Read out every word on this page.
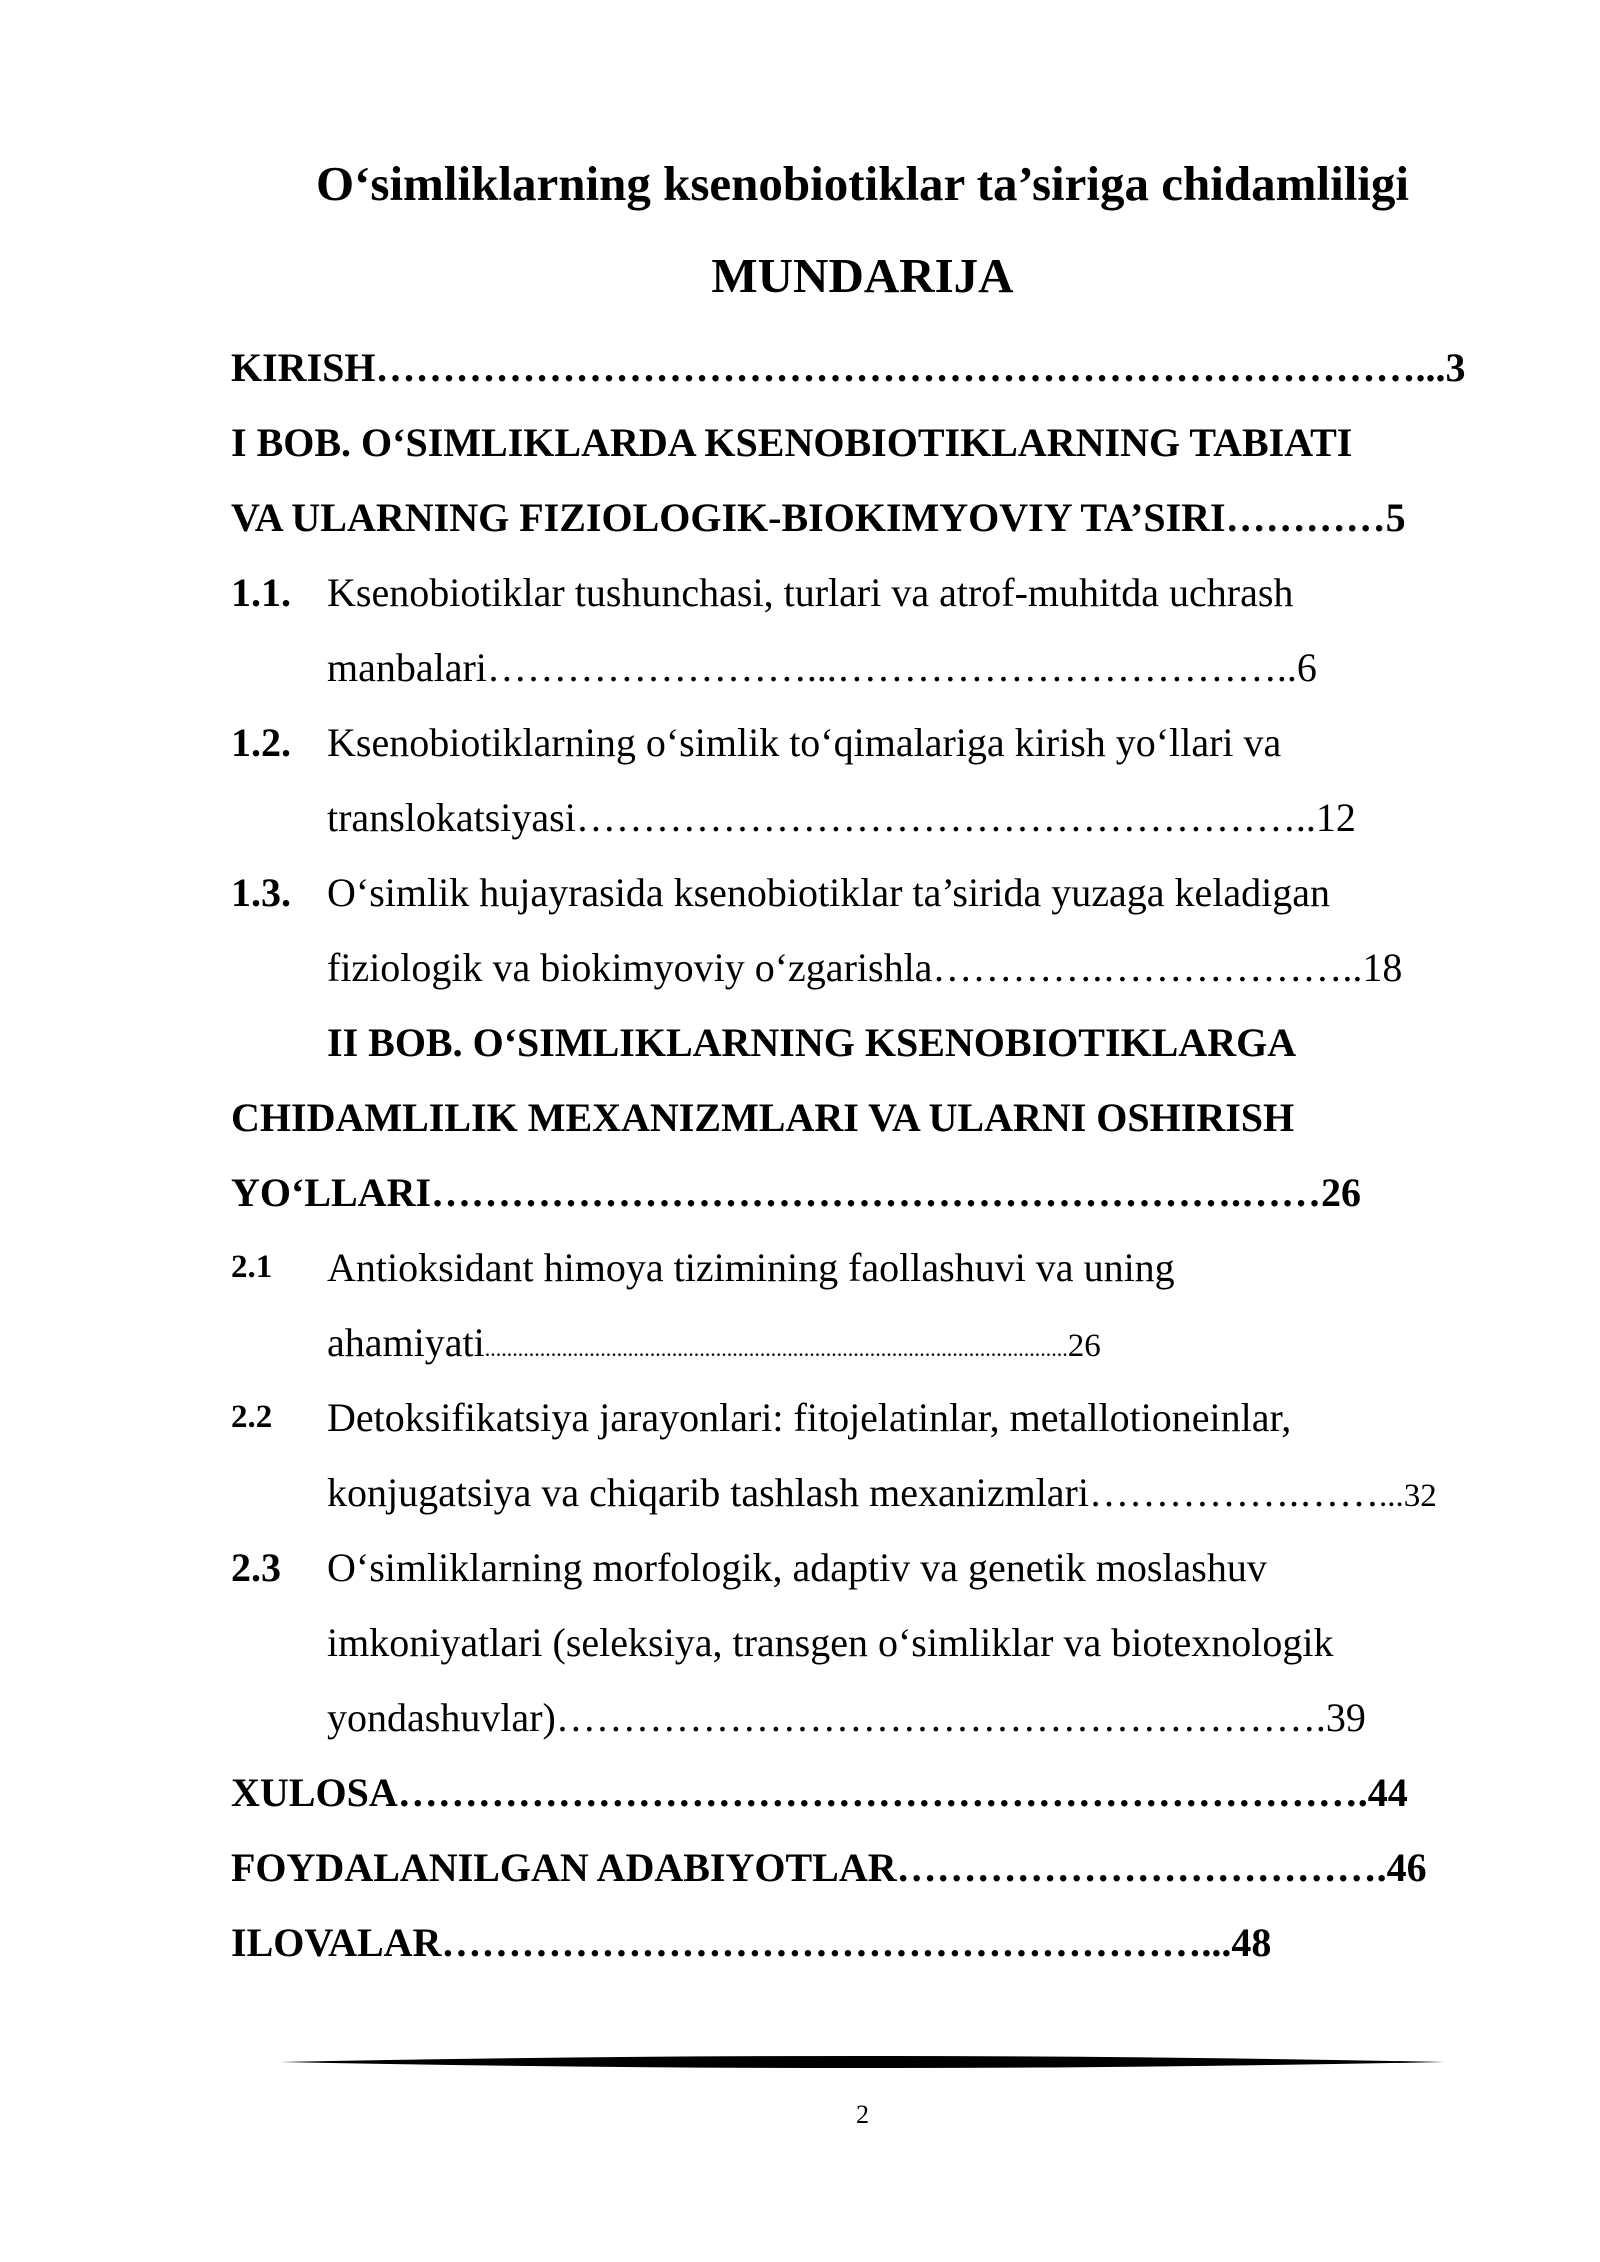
O‘simliklarning ksenobiotiklar ta’siriga chidamliligi
MUNDARIJA
KIRISH……………………………………………………………………...3
I BOB. O‘SIMLIKLARDA KSENOBIOTIKLARNING TABIATI
VA ULARNING FIZIOLOGIK-BIOKIMYOVIY TA’SIRI…………5
1.1. Ksenobiotiklar tushunchasi, turlari va atrof-muhitda uchrash
manbalari……………………...……………………………..6
1.2. Ksenobiotiklarning o‘simlik to‘qimalariga kirish yo‘llari va
translokatsiyasi………………………………………………..12
1.3. O‘simlik hujayrasida ksenobiotiklar ta’sirida yuzaga keladigan
fiziologik va biokimyoviy o‘zgarishla………….………………..18
II BOB. O‘SIMLIKLARNING KSENOBIOTIKLARGA
CHIDAMLILIK MEXANIZMLARI VA ULARNI OSHIRISH
YO‘LLARI…………………………………………………….……26
2.1 Antioksidant himoya tizimining faollashuvi va uning
ahamiyati..........................................................................................................26
2.2 Detoksifikatsiya jarayonlari: fitojelatinlar, metallotioneinlar,
konjugatsiya va chiqarib tashlash mexanizmlari…………….……...32
2.3 O‘simliklarning morfologik, adaptiv va genetik moslashuv
imkoniyatlari (seleksiya, transgen o‘simliklar va biotexnologik
yondashuvlar)………………………………………………….39
XULOSA……………………………………………………………….44
FOYDALANILGAN ADABIYOTLAR……………………………….46
ILOVALAR…………………………………………………...48
2
